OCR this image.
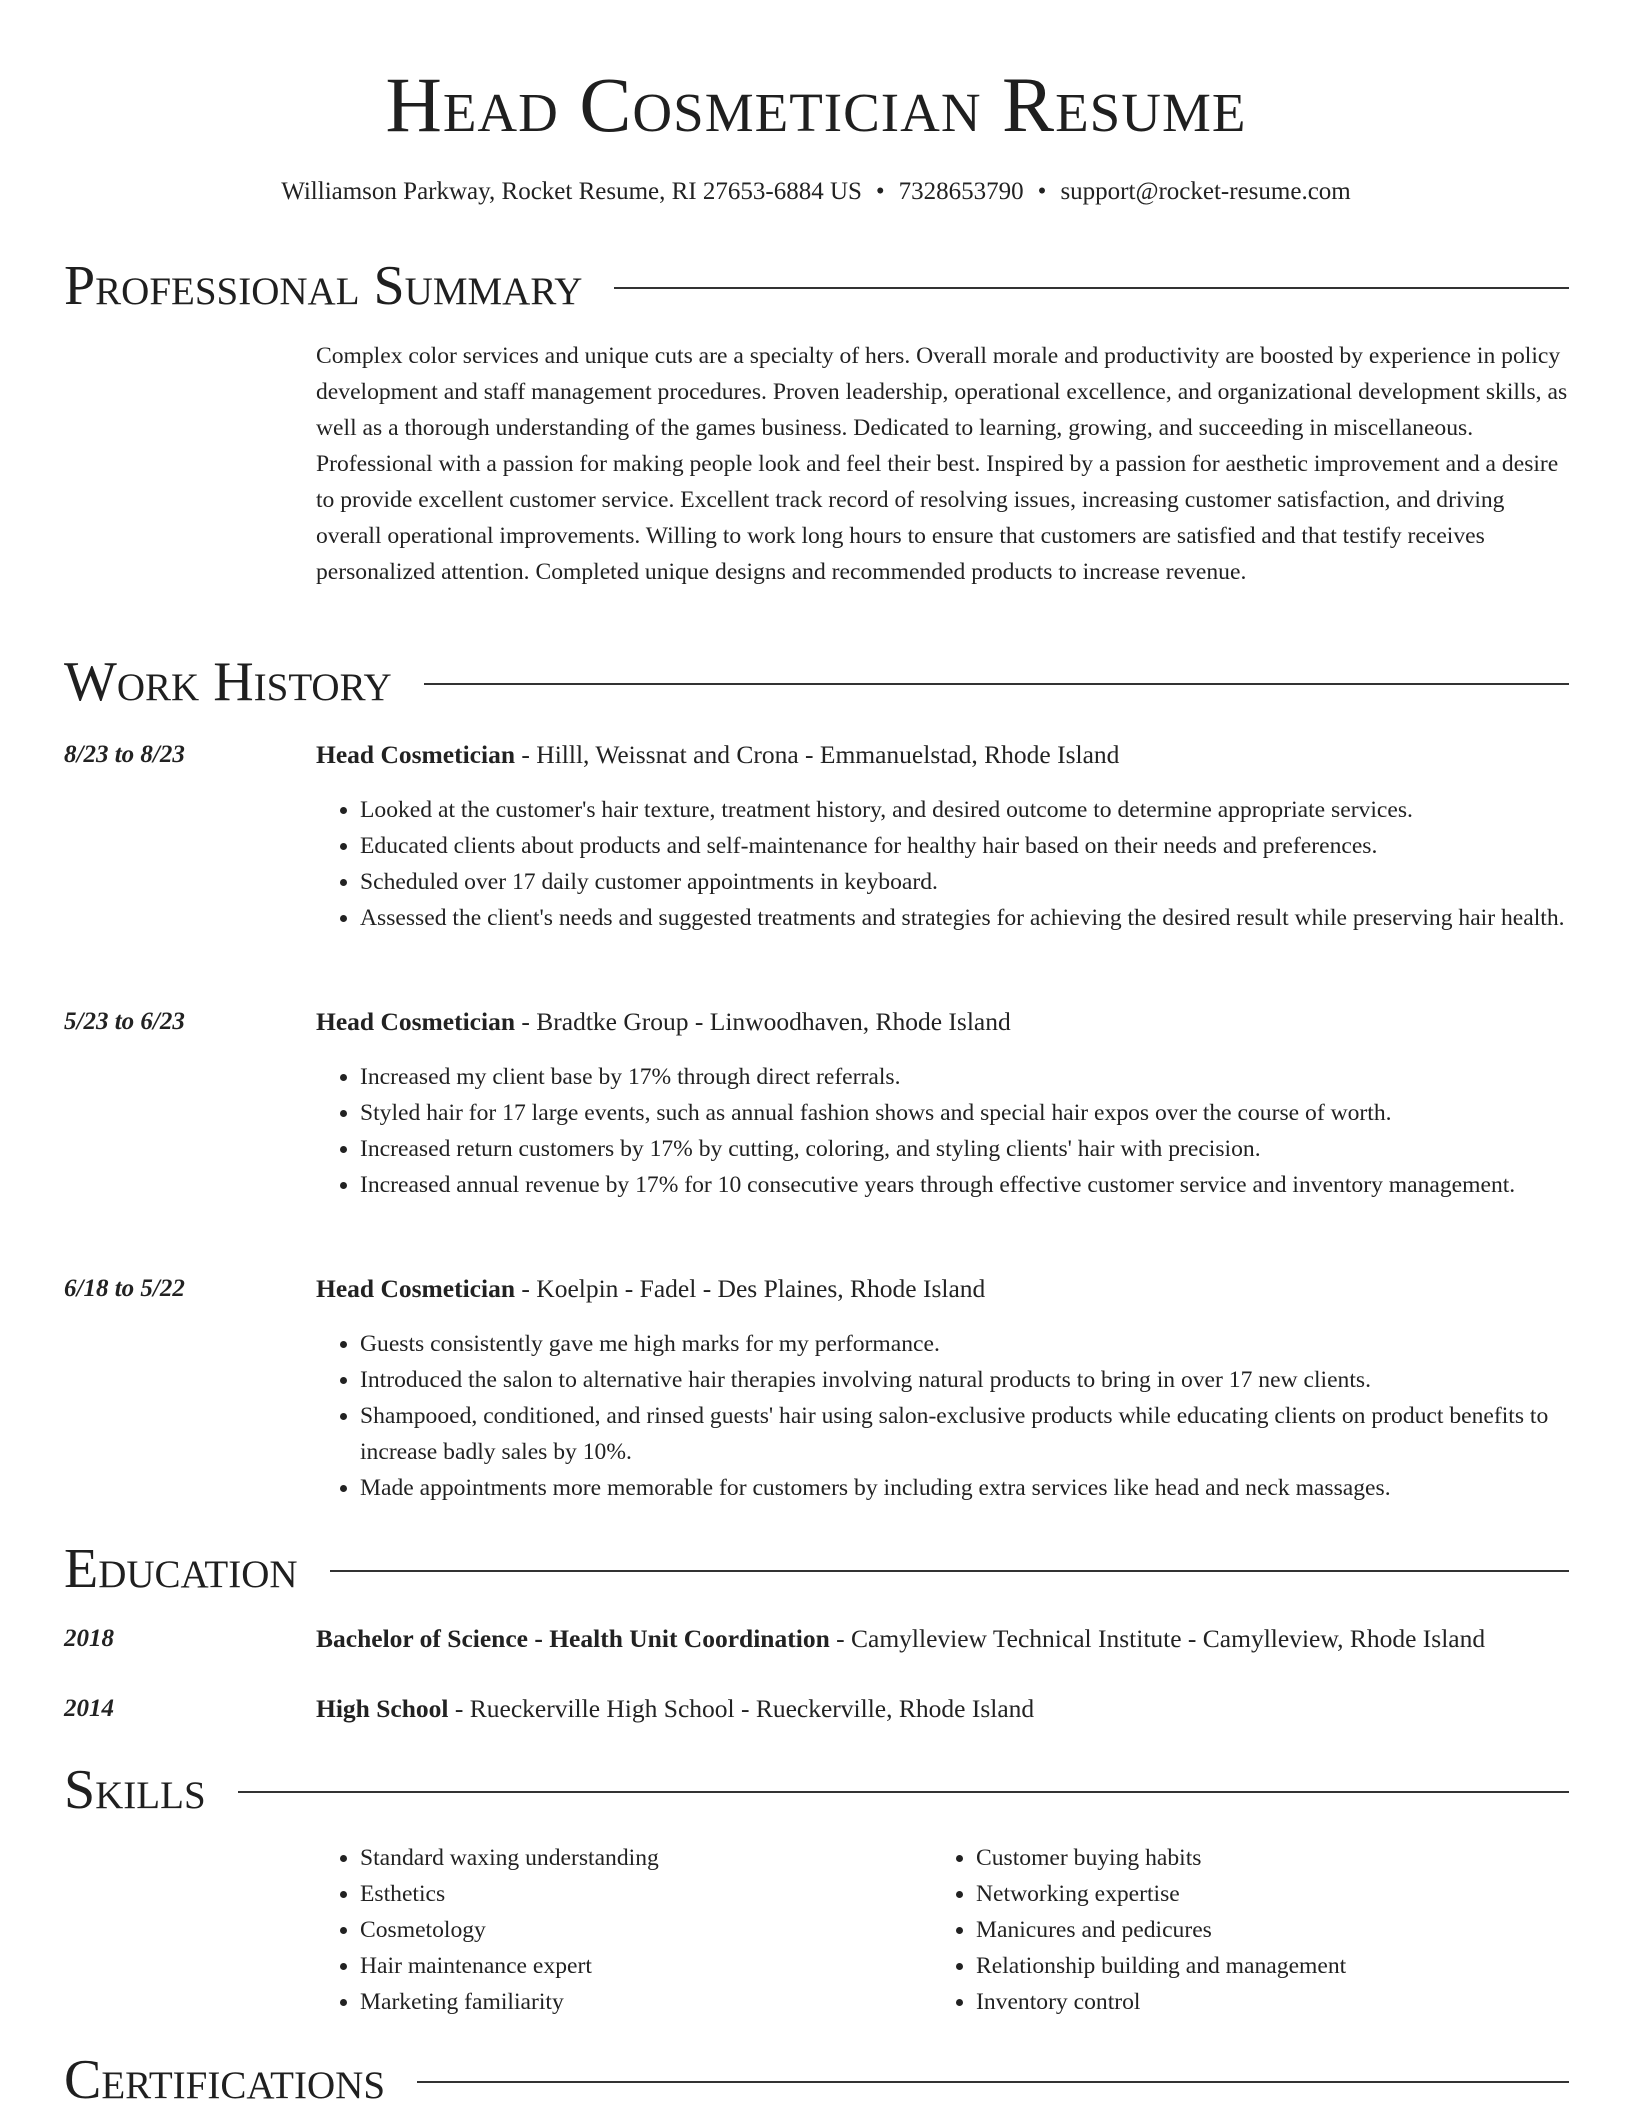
Head Cosmetician Resume
Williamson Parkway, Rocket Resume, RI 27653-6884 US • 7328653790 • support@rocket-resume.com
Professional Summary
Complex color services and unique cuts are a specialty of hers. Overall morale and productivity are boosted by experience in policy development and staff management procedures. Proven leadership, operational excellence, and organizational development skills, as well as a thorough understanding of the games business. Dedicated to learning, growing, and succeeding in miscellaneous. Professional with a passion for making people look and feel their best. Inspired by a passion for aesthetic improvement and a desire to provide excellent customer service. Excellent track record of resolving issues, increasing customer satisfaction, and driving overall operational improvements. Willing to work long hours to ensure that customers are satisfied and that testify receives personalized attention. Completed unique designs and recommended products to increase revenue.
Work History
8/23 to 8/23	Head Cosmetician - Hilll, Weissnat and Crona - Emmanuelstad, Rhode Island
• Looked at the customer's hair texture, treatment history, and desired outcome to determine appropriate services.
• Educated clients about products and self-maintenance for healthy hair based on their needs and preferences.
• Scheduled over 17 daily customer appointments in keyboard.
• Assessed the client's needs and suggested treatments and strategies for achieving the desired result while preserving hair health.
5/23 to 6/23	Head Cosmetician - Bradtke Group - Linwoodhaven, Rhode Island
• Increased my client base by 17% through direct referrals.
• Styled hair for 17 large events, such as annual fashion shows and special hair expos over the course of worth.
• Increased return customers by 17% by cutting, coloring, and styling clients' hair with precision.
• Increased annual revenue by 17% for 10 consecutive years through effective customer service and inventory management.
6/18 to 5/22	Head Cosmetician - Koelpin - Fadel - Des Plaines, Rhode Island
• Guests consistently gave me high marks for my performance.
• Introduced the salon to alternative hair therapies involving natural products to bring in over 17 new clients.
• Shampooed, conditioned, and rinsed guests' hair using salon-exclusive products while educating clients on product benefits to increase badly sales by 10%.
• Made appointments more memorable for customers by including extra services like head and neck massages.
Education
2018	Bachelor of Science - Health Unit Coordination - Camylleview Technical Institute - Camylleview, Rhode Island
2014	High School - Rueckerville High School - Rueckerville, Rhode Island
Skills
• Standard waxing understanding
• Esthetics
• Cosmetology
• Hair maintenance expert
• Marketing familiarity
• Customer buying habits
• Networking expertise
• Manicures and pedicures
• Relationship building and management
• Inventory control
Certifications
